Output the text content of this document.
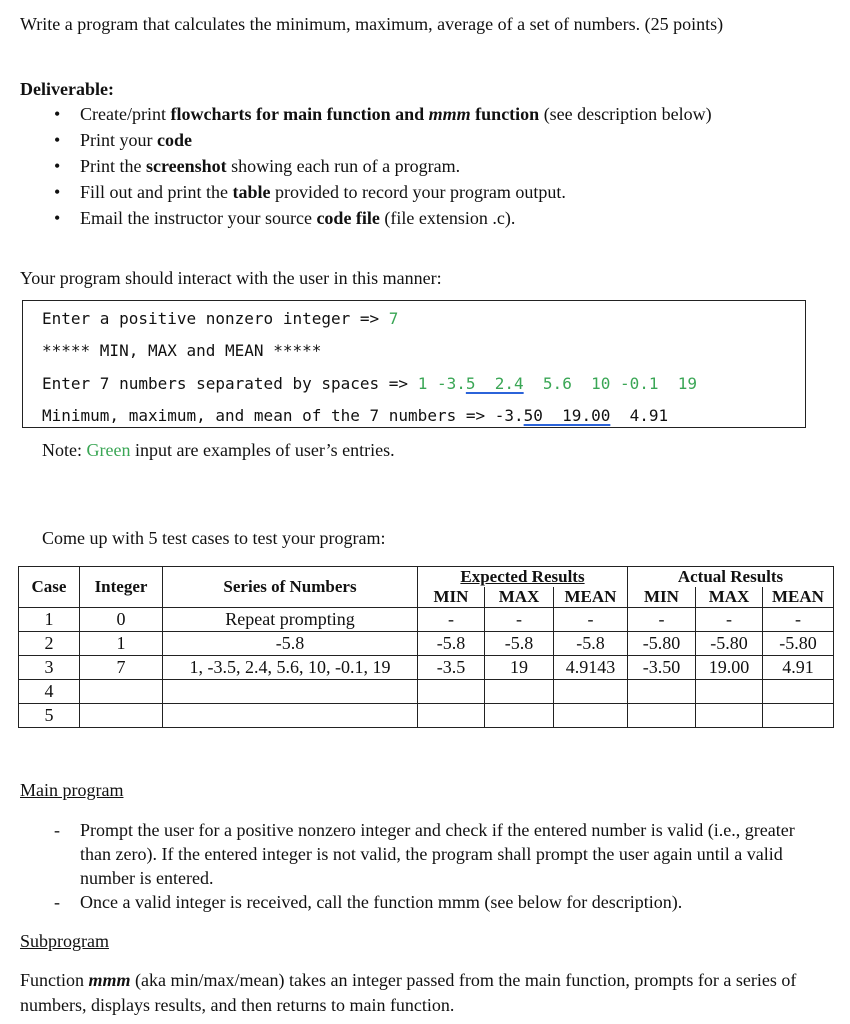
Write a program that calculates the minimum, maximum, average of a set of numbers. (25 points)
Deliverable:
•	Create/print flowcharts for main function and mmm function (see description below)
•	Print your code
•	Print the screenshot showing each run of a program.
•	Fill out and print the table provided to record your program output.
•	Email the instructor your source code file (file extension .c).
Your program should interact with the user in this manner:
Enter a positive nonzero integer => 7
***** MIN, MAX and MEAN *****
Enter 7 numbers separated by spaces => 1 -3.5  2.4  5.6  10 -0.1  19
Minimum, maximum, and mean of the 7 numbers => -3.50  19.00  4.91
Note: Green input are examples of user’s entries.
Come up with 5 test cases to test your program:
Case	Integer	Series of Numbers	Expected Results			Actual Results		
			MIN	MAX	MEAN	MIN	MAX	MEAN
1	0	Repeat prompting	-	-	-	-	-	-
2	1	-5.8	-5.8	-5.8	-5.8	-5.80	-5.80	-5.80
3	7	1, -3.5, 2.4, 5.6, 10, -0.1, 19	-3.5	19	4.9143	-3.50	19.00	4.91
4								
5								
Main program
- Prompt the user for a positive nonzero integer and check if the entered number is valid (i.e., greater than zero). If the entered integer is not valid, the program shall prompt the user again until a valid number is entered.
- Once a valid integer is received, call the function mmm (see below for description).
Subprogram
Function mmm (aka min/max/mean) takes an integer passed from the main function, prompts for a series of numbers, displays results, and then returns to main function.
